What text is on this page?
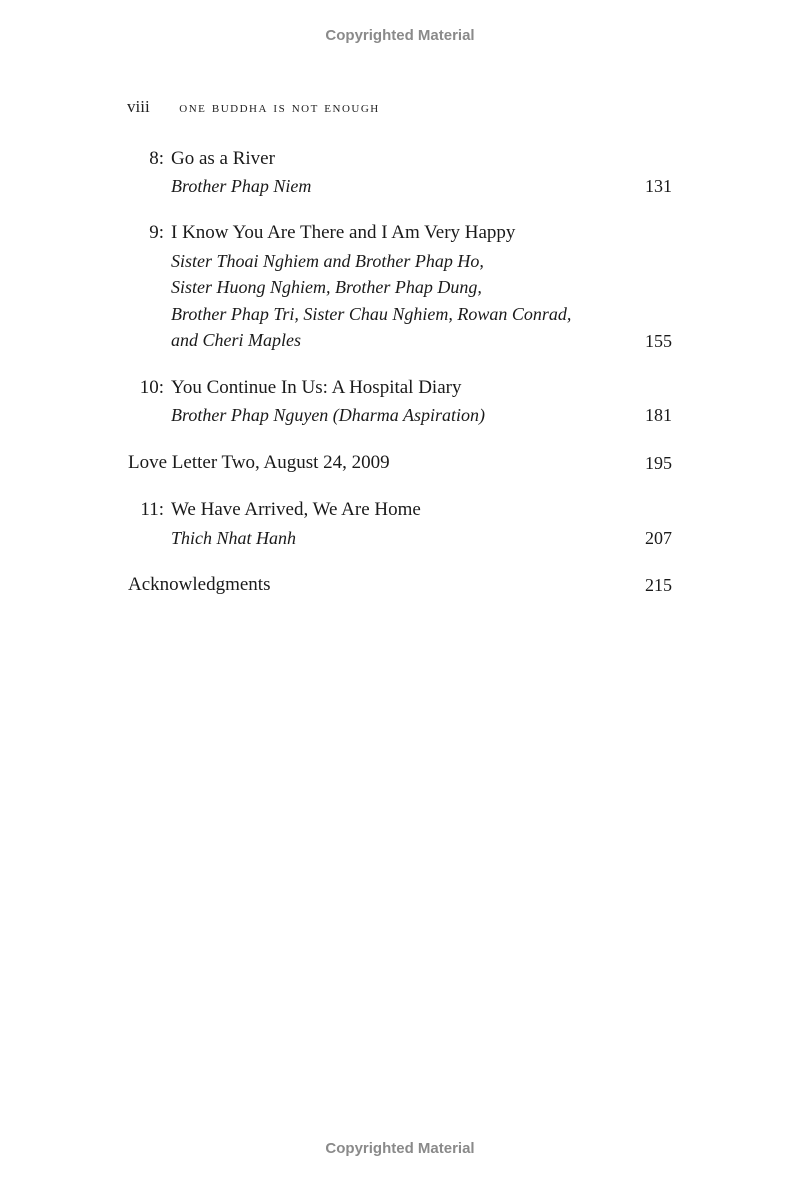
Copyrighted Material
viii one buddha is not enough
8: Go as a River
Brother Phap Niem	131
9: I Know You Are There and I Am Very Happy
Sister Thoai Nghiem and Brother Phap Ho,
Sister Huong Nghiem, Brother Phap Dung,
Brother Phap Tri, Sister Chau Nghiem, Rowan Conrad,
and Cheri Maples	155
10: You Continue In Us: A Hospital Diary
Brother Phap Nguyen (Dharma Aspiration)	181
Love Letter Two, August 24, 2009	195
11: We Have Arrived, We Are Home
Thich Nhat Hanh	207
Acknowledgments	215
Copyrighted Material
